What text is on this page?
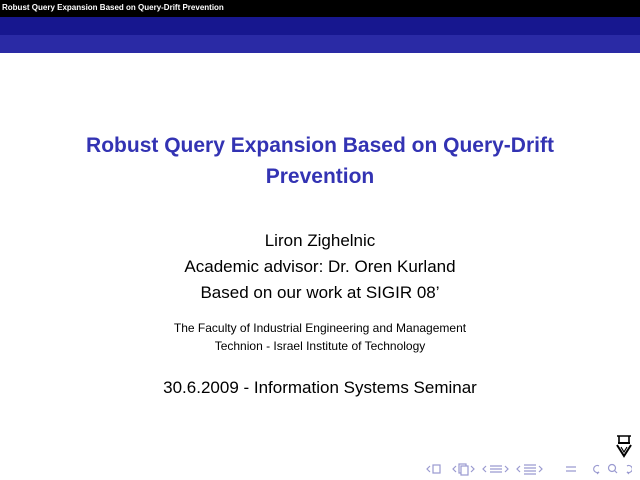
Robust Query Expansion Based on Query-Drift Prevention
Robust Query Expansion Based on Query-Drift Prevention
Liron Zighelnic
Academic advisor: Dr. Oren Kurland
Based on our work at SIGIR 08’
The Faculty of Industrial Engineering and Management
Technion - Israel Institute of Technology
30.6.2009 - Information Systems Seminar
